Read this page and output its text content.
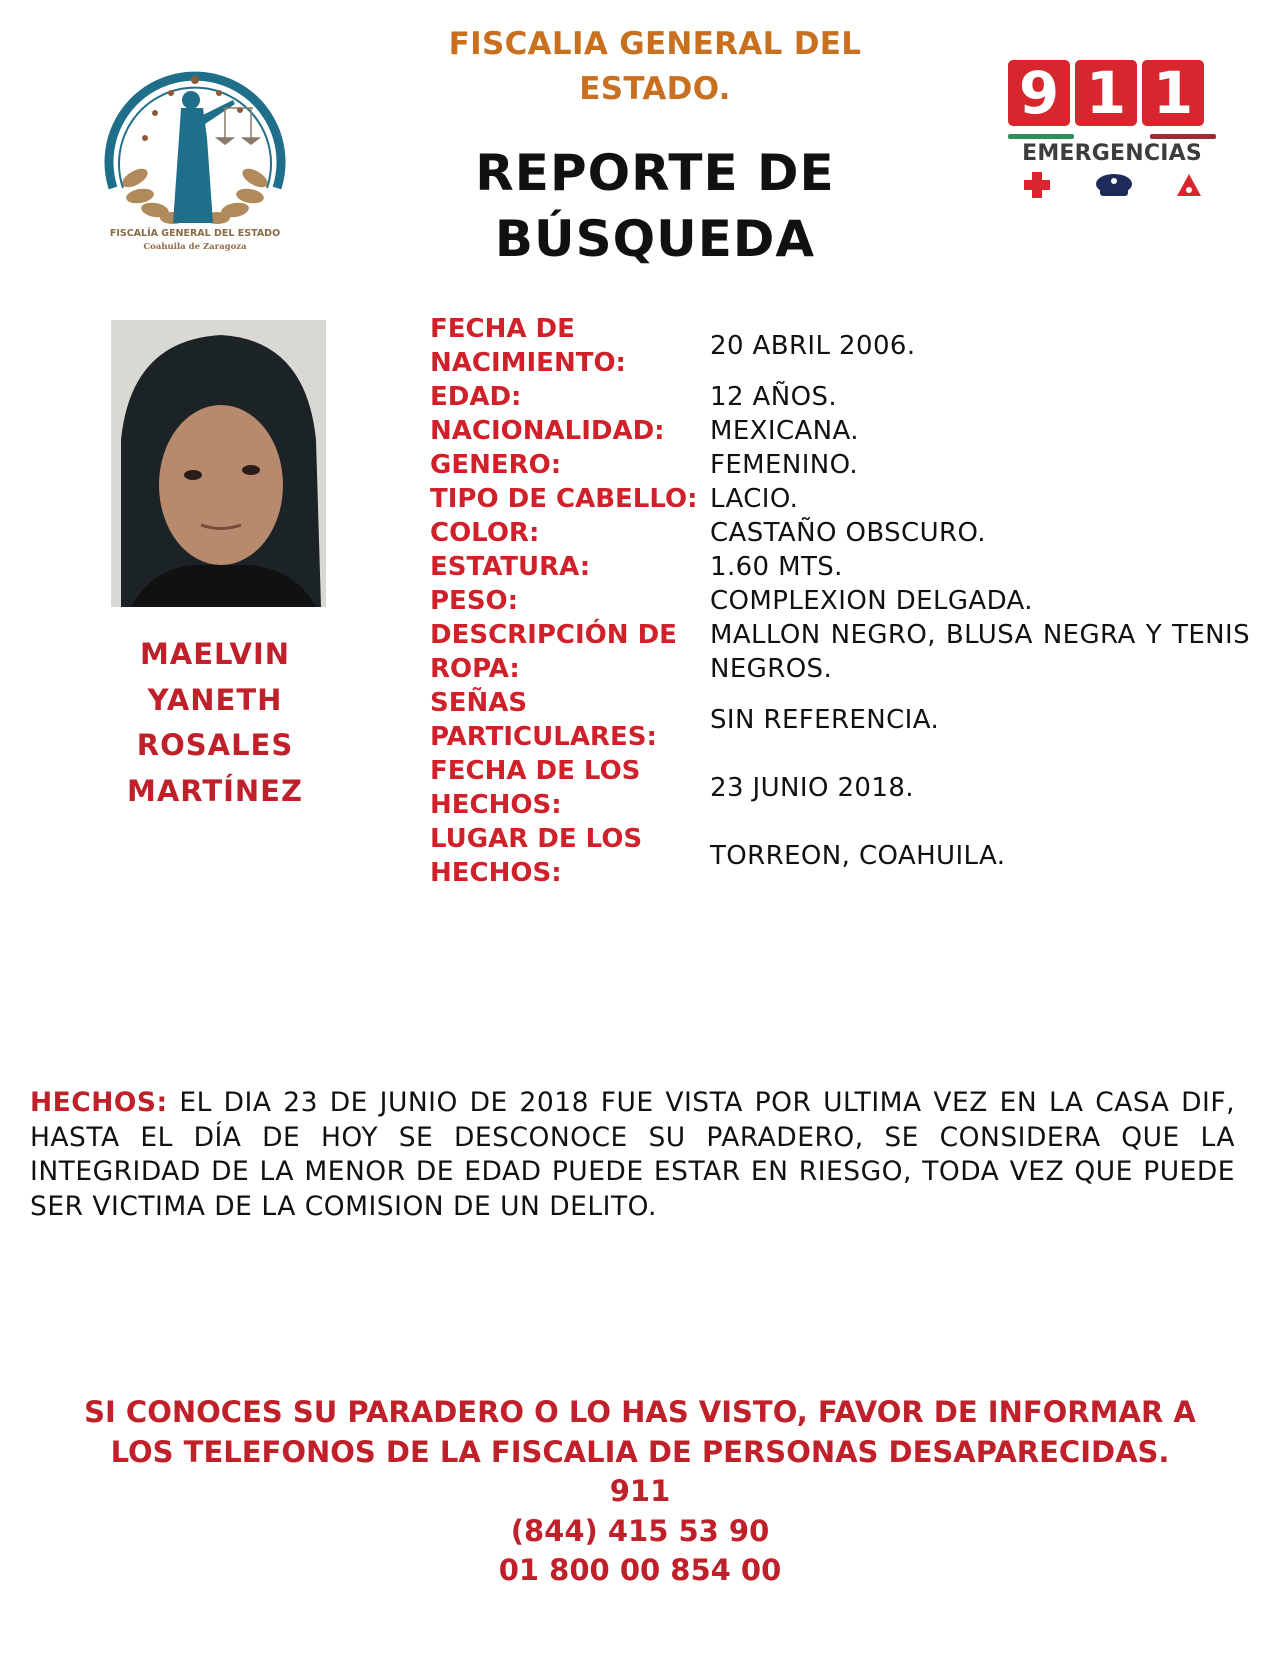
FISCALIA GENERAL DEL
ESTADO.
REPORTE DE
BÚSQUEDA
FISCALÍA GENERAL DEL ESTADO
Coahuila de Zaragoza
9 1 1
EMERGENCIAS
MAELVIN
YANETH
ROSALES
MARTÍNEZ
FECHA DE NACIMIENTO:
20 ABRIL 2006.
EDAD:	12 AÑOS.
NACIONALIDAD:	MEXICANA.
GENERO:	FEMENINO.
TIPO DE CABELLO: LACIO.
COLOR:	CASTAÑO OBSCURO.
ESTATURA:	1.60 MTS.
PESO:	COMPLEXION DELGADA.
DESCRIPCIÓN DE ROPA:
MALLON NEGRO, BLUSA NEGRA Y TENIS NEGROS.
SEÑAS PARTICULARES:
SIN REFERENCIA.
FECHA DE LOS HECHOS:
23 JUNIO 2018.
LUGAR DE LOS HECHOS:
TORREON, COAHUILA.
HECHOS: EL DIA 23 DE JUNIO DE 2018 FUE VISTA POR ULTIMA VEZ EN LA CASA DIF, HASTA EL DÍA DE HOY SE DESCONOCE SU PARADERO, SE CONSIDERA QUE LA INTEGRIDAD DE LA MENOR DE EDAD PUEDE ESTAR EN RIESGO, TODA VEZ QUE PUEDE SER VICTIMA DE LA COMISION DE UN DELITO.
SI CONOCES SU PARADERO O LO HAS VISTO, FAVOR DE INFORMAR A
LOS TELEFONOS DE LA FISCALIA DE PERSONAS DESAPARECIDAS.
911
(844) 415 53 90
01 800 00 854 00
